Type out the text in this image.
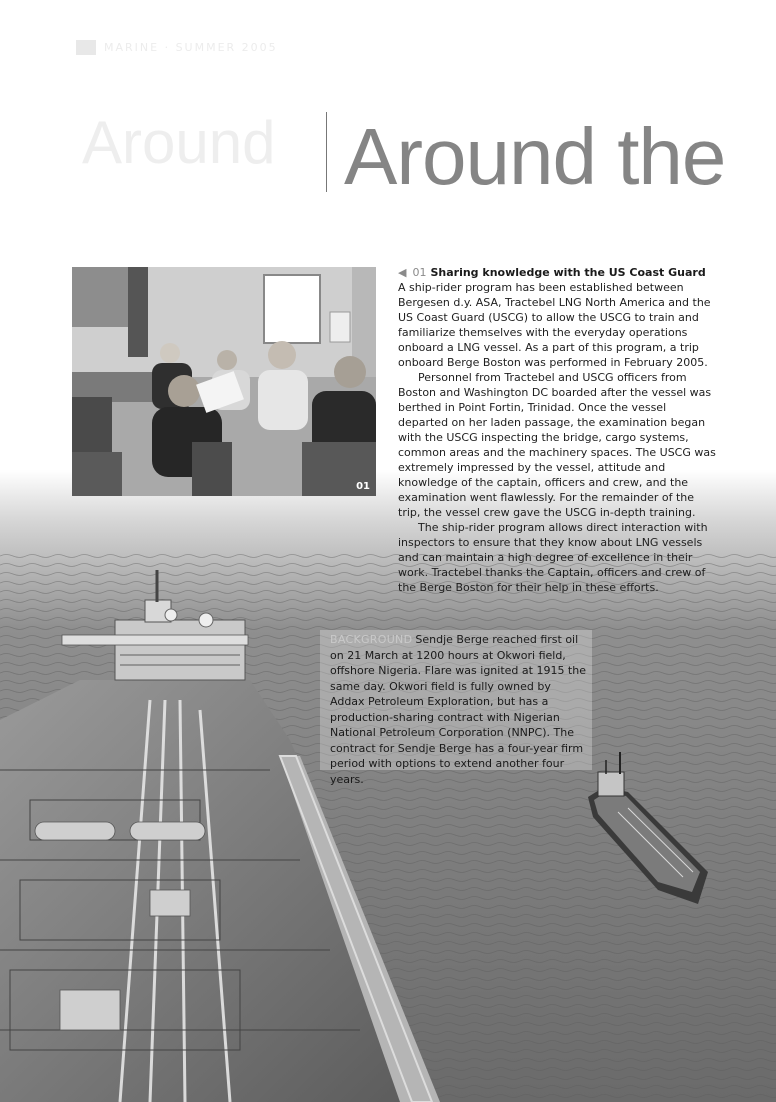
MARINE · SUMMER 2005
Around Around the
01

◀ 01 Sharing knowledge with the US Coast Guard

A ship-rider program has been established between Bergesen d.y. ASA, Tractebel LNG North America and the US Coast Guard (USCG) to allow the USCG to train and familiarize themselves with the everyday operations onboard a LNG vessel. As a part of this program, a trip onboard Berge Boston was performed in February 2005.

Personnel from Tractebel and USCG officers from Boston and Washington DC boarded after the vessel was berthed in Point Fortin, Trinidad. Once the vessel departed on her laden passage, the examination began with the USCG inspecting the bridge, cargo systems, common areas and the machinery spaces. The USCG was extremely impressed by the vessel, attitude and knowledge of the captain, officers and crew, and the examination went flawlessly. For the remainder of the trip, the vessel crew gave the USCG in-depth training.

The ship-rider program allows direct interaction with inspectors to ensure that they know about LNG vessels and can maintain a high degree of excellence in their work. Tractebel thanks the Captain, officers and crew of the Berge Boston for their help in these efforts.

BACKGROUND Sendje Berge reached first oil on 21 March at 1200 hours at Okwori field, offshore Nigeria. Flare was ignited at 1915 the same day. Okwori field is fully owned by Addax Petroleum Exploration, but has a production-sharing contract with Nigerian National Petroleum Corporation (NNPC). The contract for Sendje Berge has a four-year firm period with options to extend another four years.
